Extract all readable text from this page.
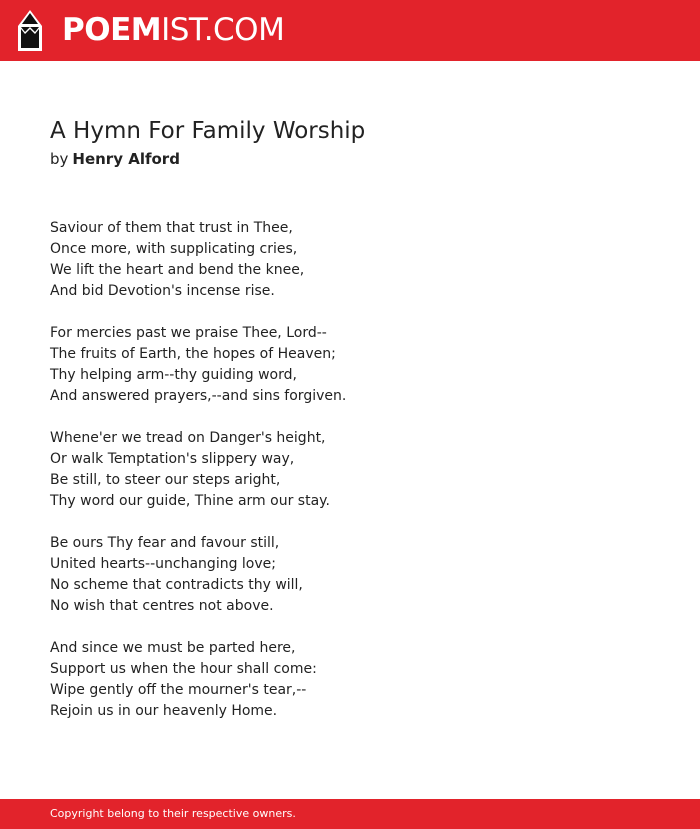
POEMIST.COM
A Hymn For Family Worship
by Henry Alford
Saviour of them that trust in Thee,
Once more, with supplicating cries,
We lift the heart and bend the knee,
And bid Devotion's incense rise.
For mercies past we praise Thee, Lord--
The fruits of Earth, the hopes of Heaven;
Thy helping arm--thy guiding word,
And answered prayers,--and sins forgiven.
Whene'er we tread on Danger's height,
Or walk Temptation's slippery way,
Be still, to steer our steps aright,
Thy word our guide, Thine arm our stay.
Be ours Thy fear and favour still,
United hearts--unchanging love;
No scheme that contradicts thy will,
No wish that centres not above.
And since we must be parted here,
Support us when the hour shall come:
Wipe gently off the mourner's tear,--
Rejoin us in our heavenly Home.
Copyright belong to their respective owners.
